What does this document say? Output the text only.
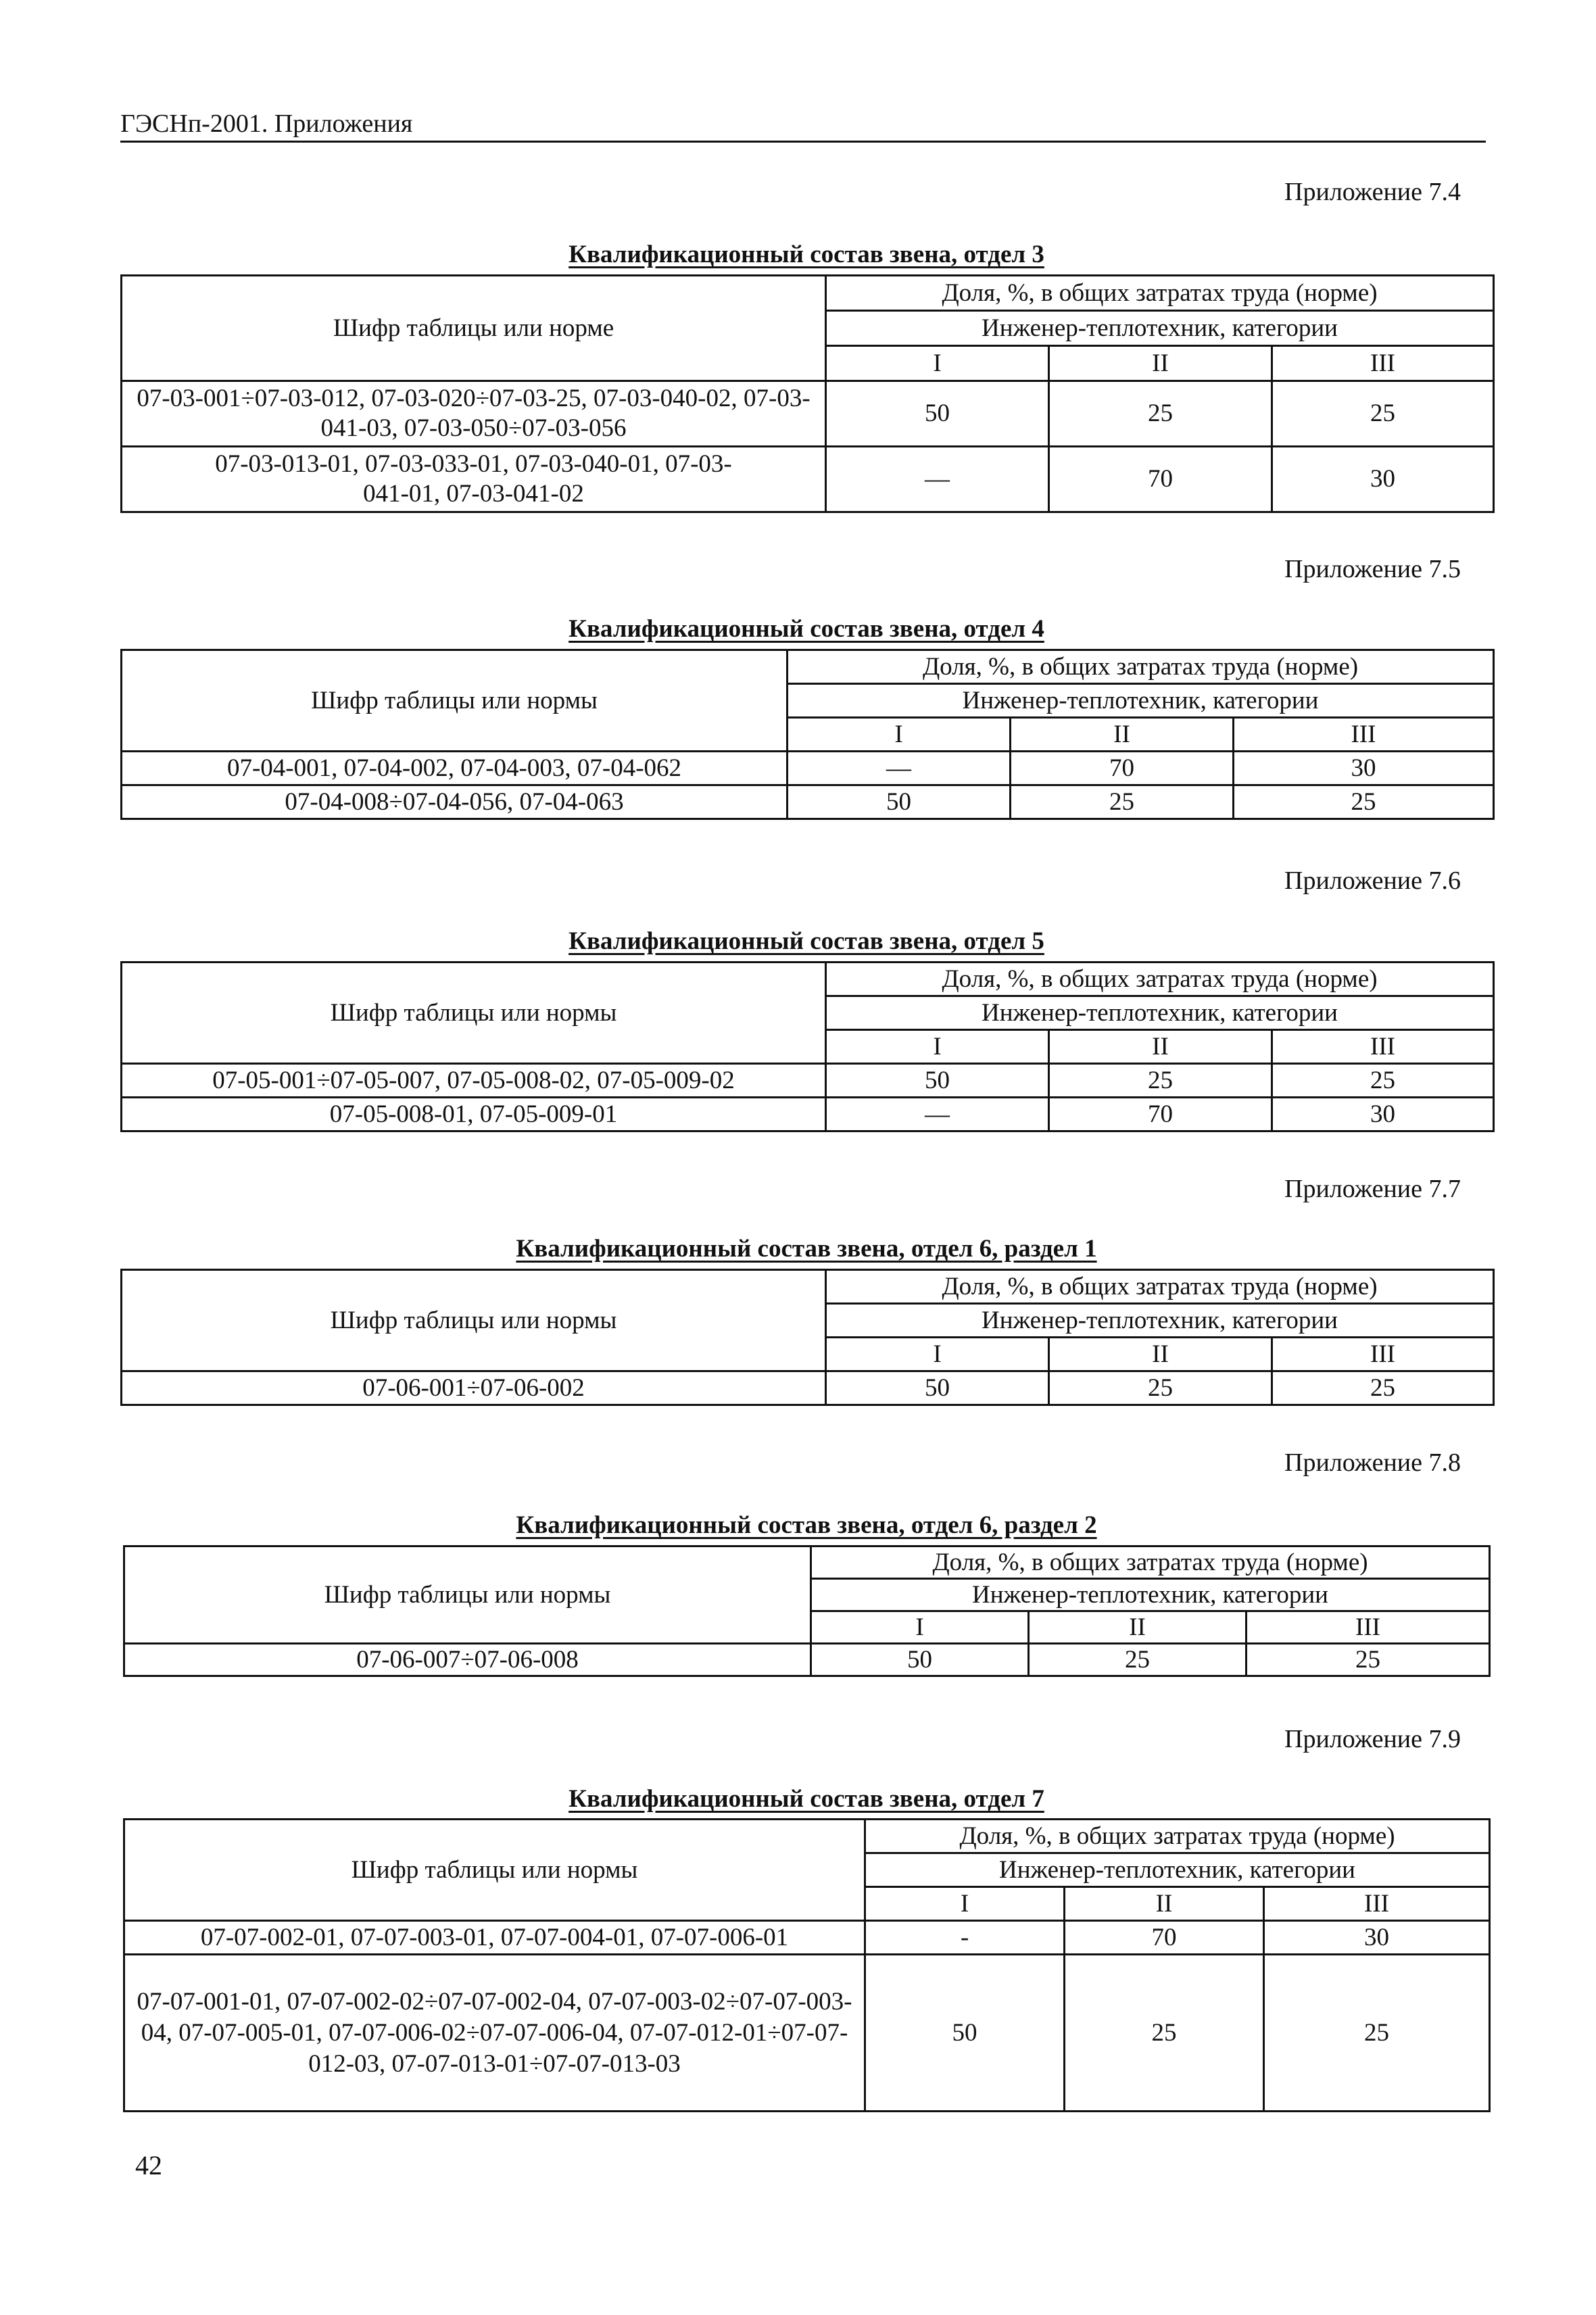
ГЭСНп-2001. Приложения
Приложение 7.4
Квалификационный состав звена, отдел 3
Шифр таблицы или норме	Доля, %, в общих затратах труда (норме)		
	Инженер-теплотехник, категории		
	I	II	III
07-03-001÷07-03-012, 07-03-020÷07-03-25, 07-03-040-02, 07-03-041-03, 07-03-050÷07-03-056	50	25	25
07-03-013-01, 07-03-033-01, 07-03-040-01, 07-03-041-01, 07-03-041-02	—	70	30
Приложение 7.5
Квалификационный состав звена, отдел 4
Шифр таблицы или нормы	Доля, %, в общих затратах труда (норме)		
	Инженер-теплотехник, категории		
	I	II	III
07-04-001, 07-04-002, 07-04-003, 07-04-062	—	70	30
07-04-008÷07-04-056, 07-04-063	50	25	25
Приложение 7.6
Квалификационный состав звена, отдел 5
Шифр таблицы или нормы	Доля, %, в общих затратах труда (норме)		
	Инженер-теплотехник, категории		
	I	II	III
07-05-001÷07-05-007, 07-05-008-02, 07-05-009-02	50	25	25
07-05-008-01, 07-05-009-01	—	70	30
Приложение 7.7
Квалификационный состав звена, отдел 6, раздел 1
Шифр таблицы или нормы	Доля, %, в общих затратах труда (норме)		
	Инженер-теплотехник, категории		
	I	II	III
07-06-001÷07-06-002	50	25	25
Приложение 7.8
Квалификационный состав звена, отдел 6, раздел 2
Шифр таблицы или нормы	Доля, %, в общих затратах труда (норме)		
	Инженер-теплотехник, категории		
	I	II	III
07-06-007÷07-06-008	50	25	25
Приложение 7.9
Квалификационный состав звена, отдел 7
Шифр таблицы или нормы	Доля, %, в общих затратах труда (норме)		
	Инженер-теплотехник, категории		
	I	II	III
07-07-002-01, 07-07-003-01, 07-07-004-01, 07-07-006-01	-	70	30
07-07-001-01, 07-07-002-02÷07-07-002-04, 07-07-003-02÷07-07-003-04, 07-07-005-01, 07-07-006-02÷07-07-006-04, 07-07-012-01÷07-07-012-03, 07-07-013-01÷07-07-013-03	50	25	25
42
